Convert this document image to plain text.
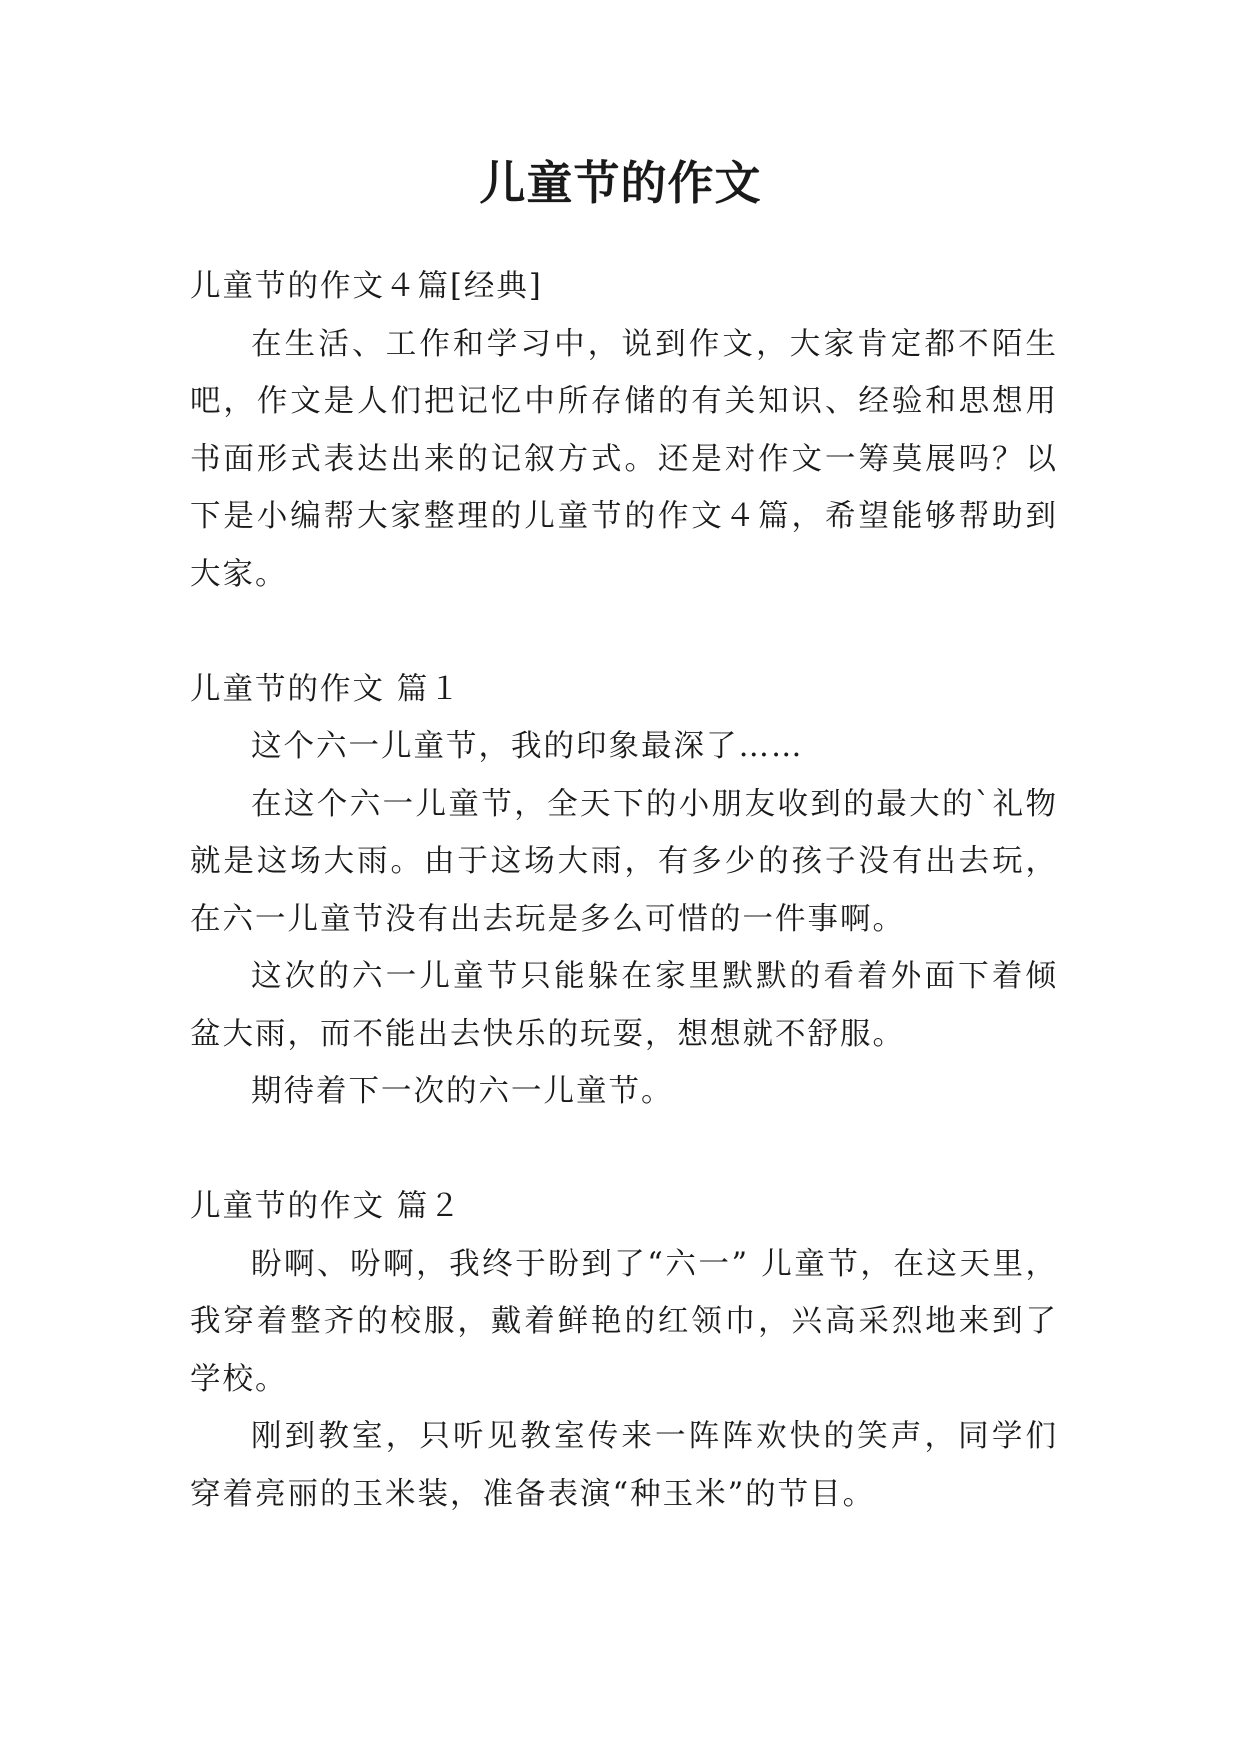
儿童节的作文

儿童节的作文４篇[经典]

在生活、工作和学习中，说到作文，大家肯定都不陌生吧，作文是人们把记忆中所存储的有关知识、经验和思想用书面形式表达出来的记叙方式。还是对作文一筹莫展吗？以下是小编帮大家整理的儿童节的作文４篇，希望能够帮助到大家。

儿童节的作文 篇１

这个六一儿童节，我的印象最深了……

在这个六一儿童节，全天下的小朋友收到的最大的`礼物就是这场大雨。由于这场大雨，有多少的孩子没有出去玩，在六一儿童节没有出去玩是多么可惜的一件事啊。

这次的六一儿童节只能躲在家里默默的看着外面下着倾盆大雨，而不能出去快乐的玩耍，想想就不舒服。

期待着下一次的六一儿童节。

儿童节的作文 篇２

盼啊、吩啊，我终于盼到了“六一” 儿童节，在这天里，我穿着整齐的校服，戴着鲜艳的红领巾，兴高采烈地来到了学校。

刚到教室，只听见教室传来一阵阵欢快的笑声，同学们穿着亮丽的玉米装，准备表演“种玉米”的节目。
